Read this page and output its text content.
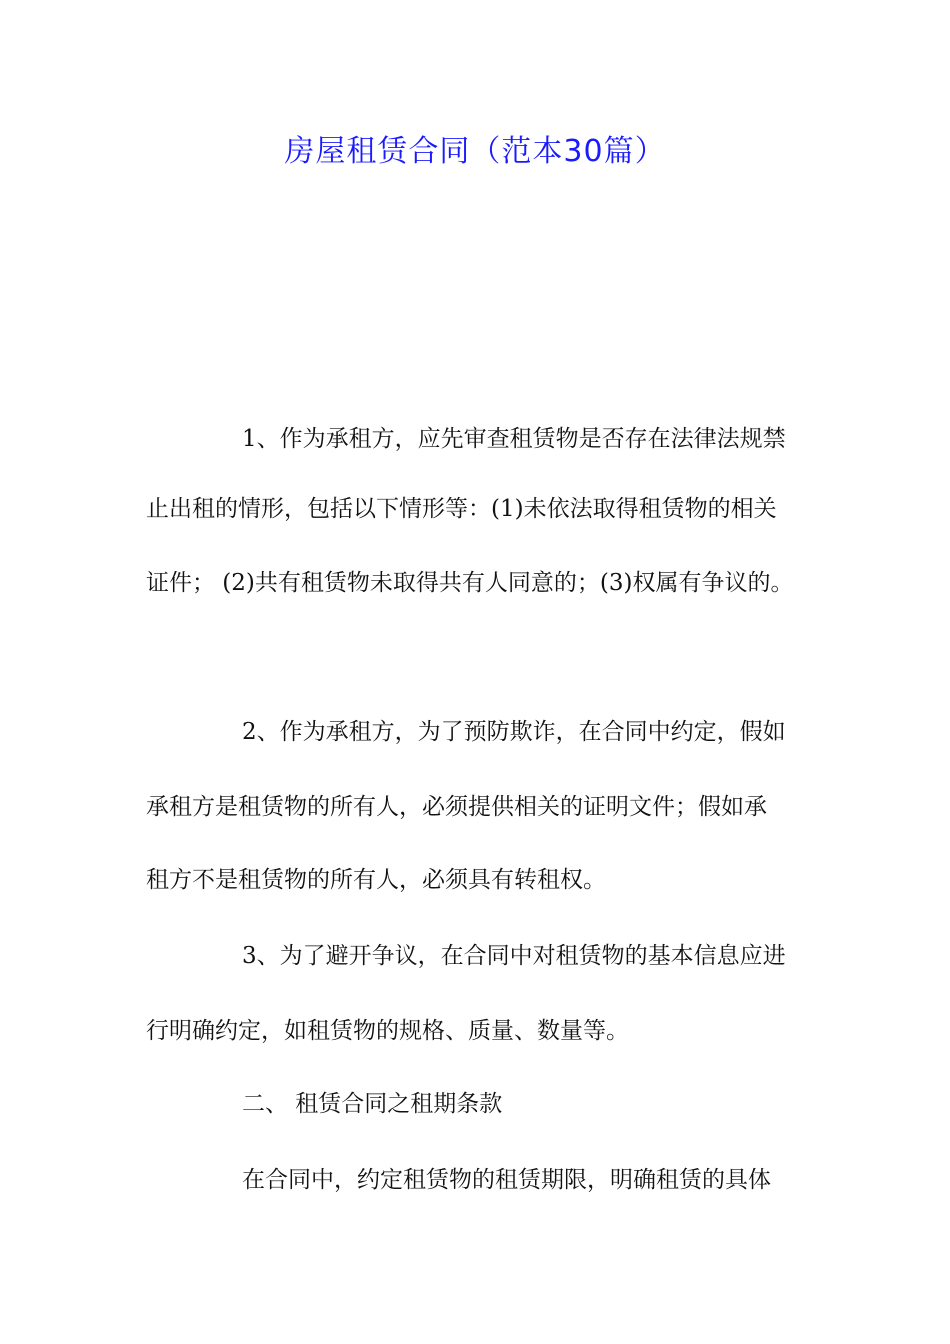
房屋租赁合同（范本30篇）
1、作为承租方，应先审查租赁物是否存在法律法规禁
止出租的情形，包括以下情形等：(1)未依法取得租赁物的相关
证件； (2)共有租赁物未取得共有人同意的；(3)权属有争议的。
2、作为承租方，为了预防欺诈，在合同中约定，假如
承租方是租赁物的所有人，必须提供相关的证明文件；假如承
租方不是租赁物的所有人，必须具有转租权。
3、为了避开争议，在合同中对租赁物的基本信息应进
行明确约定，如租赁物的规格、质量、数量等。
二、 租赁合同之租期条款
在合同中，约定租赁物的租赁期限，明确租赁的具体
